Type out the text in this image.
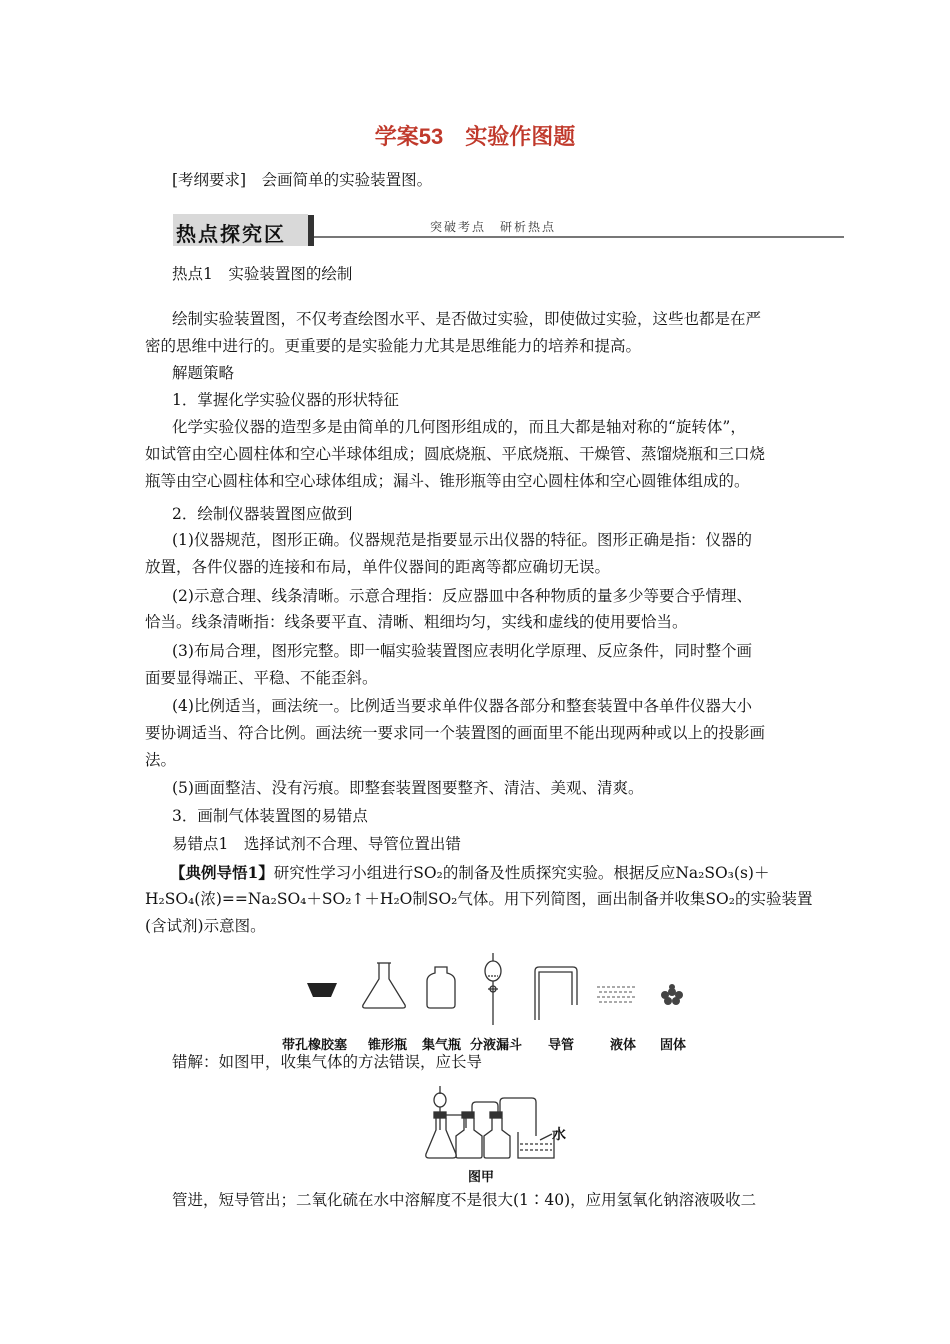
学案53　 实验作图题
[考纲要求]　会画简单的实验装置图。
热点探究区	突破考点　研析热点
热点1　实验装置图的绘制
绘制实验装置图，不仅考查绘图水平、是否做过实验，即使做过实验，这些也都是在严
密的思维中进行的。更重要的是实验能力尤其是思维能力的培养和提高。
解题策略
1．掌握化学实验仪器的形状特征
化学实验仪器的造型多是由简单的几何图形组成的，而且大都是轴对称的“旋转体”，
如试管由空心圆柱体和空心半球体组成；圆底烧瓶、平底烧瓶、干燥管、蒸馏烧瓶和三口烧
瓶等由空心圆柱体和空心球体组成；漏斗、锥形瓶等由空心圆柱体和空心圆锥体组成的。
2．绘制仪器装置图应做到
(1)仪器规范，图形正确。仪器规范是指要显示出仪器的特征。图形正确是指：仪器的
放置，各件仪器的连接和布局，单件仪器间的距离等都应确切无误。
(2)示意合理、线条清晰。示意合理指：反应器皿中各种物质的量多少等要合乎情理、
恰当。线条清晰指：线条要平直、清晰、粗细均匀，实线和虚线的使用要恰当。
(3)布局合理，图形完整。即一幅实验装置图应表明化学原理、反应条件，同时整个画
面要显得端正、平稳、不能歪斜。
(4)比例适当，画法统一。比例适当要求单件仪器各部分和整套装置中各单件仪器大小
要协调适当、符合比例。画法统一要求同一个装置图的画面里不能出现两种或以上的投影画
法。
(5)画面整洁、没有污痕。即整套装置图要整齐、清洁、美观、清爽。
3．画制气体装置图的易错点
易错点1　选择试剂不合理、导管位置出错
【典例导悟1】研究性学习小组进行SO₂的制备及性质探究实验。根据反应Na₂SO₃(s)＋
H₂SO₄(浓)==Na₂SO₄＋SO₂↑＋H₂O制SO₂气体。用下列简图，画出制备并收集SO₂的实验装置
(含试剂)示意图。
带孔橡胶塞 锥形瓶 集气瓶 分液漏斗 导管	液体 固体
错解：如图甲，收集气体的方法错误，应长导
水
图甲
管进，短导管出；二氧化硫在水中溶解度不是很大(1∶40)，应用氢氧化钠溶液吸收二
